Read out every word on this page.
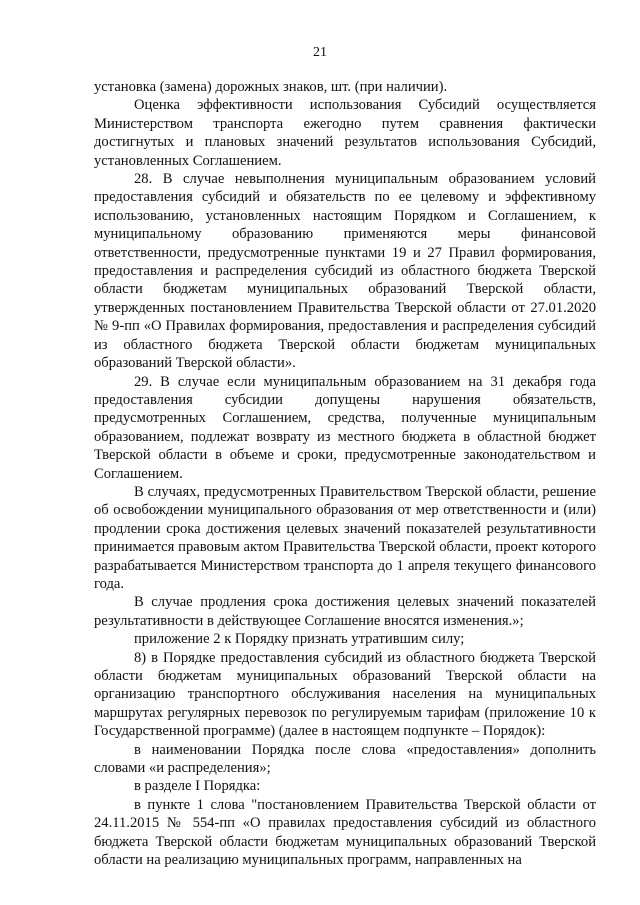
21

установка (замена) дорожных знаков, шт. (при наличии).

Оценка эффективности использования Субсидий осуществляется Министерством транспорта ежегодно путем сравнения фактически достигнутых и плановых значений результатов использования Субсидий, установленных Соглашением.

28. В случае невыполнения муниципальным образованием условий предоставления субсидий и обязательств по ее целевому и эффективному использованию, установленных настоящим Порядком и Соглашением, к муниципальному образованию применяются меры финансовой ответственности, предусмотренные пунктами 19 и 27 Правил формирования, предоставления и распределения субсидий из областного бюджета Тверской области бюджетам муниципальных образований Тверской области, утвержденных постановлением Правительства Тверской области от 27.01.2020 № 9-пп «О Правилах формирования, предоставления и распределения субсидий из областного бюджета Тверской области бюджетам муниципальных образований Тверской области».

29. В случае если муниципальным образованием на 31 декабря года предоставления субсидии допущены нарушения обязательств, предусмотренных Соглашением, средства, полученные муниципальным образованием, подлежат возврату из местного бюджета в областной бюджет Тверской области в объеме и сроки, предусмотренные законодательством и Соглашением.

В случаях, предусмотренных Правительством Тверской области, решение об освобождении муниципального образования от мер ответственности и (или) продлении срока достижения целевых значений показателей результативности принимается правовым актом Правительства Тверской области, проект которого разрабатывается Министерством транспорта до 1 апреля текущего финансового года.

В случае продления срока достижения целевых значений показателей результативности в действующее Соглашение вносятся изменения.»;

приложение 2 к Порядку признать утратившим силу;

8) в Порядке предоставления субсидий из областного бюджета Тверской области бюджетам муниципальных образований Тверской области на организацию транспортного обслуживания населения на муниципальных маршрутах регулярных перевозок по регулируемым тарифам (приложение 10 к Государственной программе) (далее в настоящем подпункте – Порядок):

в наименовании Порядка после слова «предоставления» дополнить словами «и распределения»;

в разделе I Порядка:

в пункте 1 слова "постановлением Правительства Тверской области от 24.11.2015 № 554-пп «О правилах предоставления субсидий из областного бюджета Тверской области бюджетам муниципальных образований Тверской области на реализацию муниципальных программ, направленных на
